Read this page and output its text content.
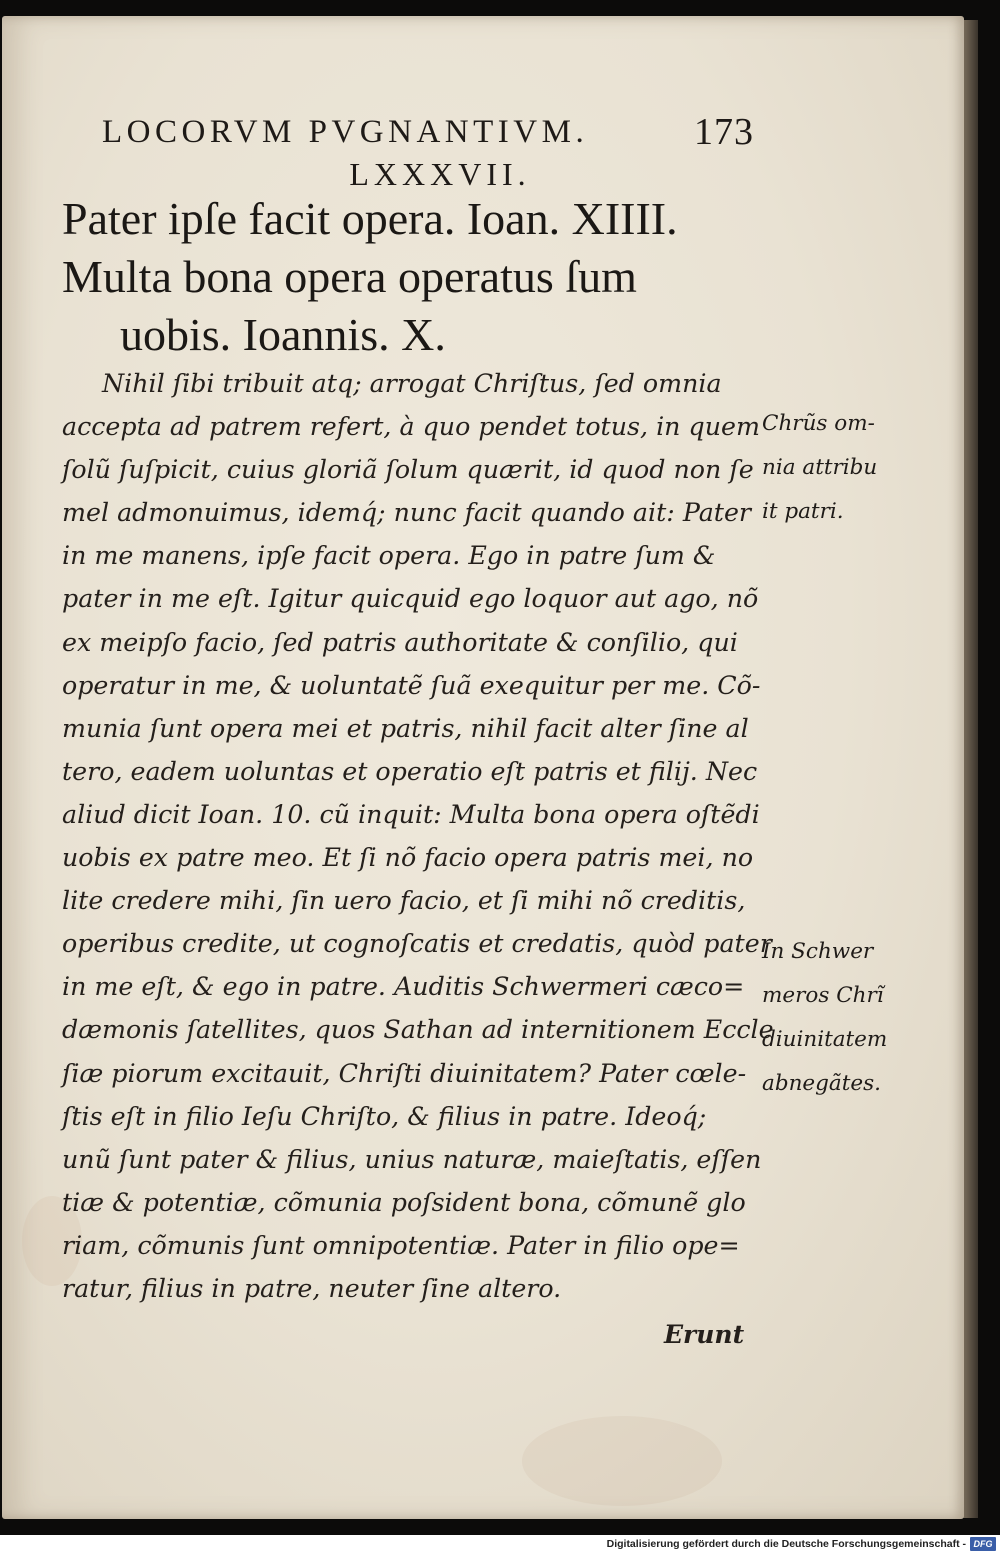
LOCORVM PVGNANTIVM.	173
LXXXVII.
Pater ipſe facit opera. Ioan. XIIII.
Multa bona opera operatus ſum
uobis. Ioannis. X.
Nihil ſibi tribuit atq; arrogat Chriſtus, ſed omnia
accepta ad patrem refert, à quo pendet totus, in quem
ſolũ ſuſpicit, cuius gloriã ſolum quærit, id quod non ſe
mel admonuimus, idemq́; nunc facit quando ait: Pater
in me manens, ipſe facit opera. Ego in patre ſum &
pater in me eſt. Igitur quicquid ego loquor aut ago, nõ
ex meipſo facio, ſed patris authoritate & conſilio, qui
operatur in me, & uoluntatẽ ſuã exequitur per me. Cõ-
munia ſunt opera mei et patris, nihil facit alter ſine al
tero, eadem uoluntas et operatio eſt patris et filij. Nec
aliud dicit Ioan. 10. cũ inquit: Multa bona opera oſtẽdi
uobis ex patre meo. Et ſi nõ facio opera patris mei, no
lite credere mihi, ſin uero facio, et ſi mihi nõ creditis,
operibus credite, ut cognoſcatis et credatis, quòd pater
in me eſt, & ego in patre. Auditis Schwermeri cæco=
dæmonis ſatellites, quos Sathan ad internitionem Eccle
ſiæ piorum excitauit, Chriſti diuinitatem? Pater cœle-
ſtis eſt in filio Ieſu Chriſto, & filius in patre. Ideoq́;
unũ ſunt pater & filius, unius naturæ, maieſtatis, eſſen
tiæ & potentiæ, cõmunia poſsident bona, cõmunẽ glo
riam, cõmunis ſunt omnipotentiæ. Pater in filio ope=
ratur, filius in patre, neuter ſine altero.
Erunt
Chrũs om-
nia attribu
it patri.
In Schwer
meros Chrĩ
diuinitatem
abnegãtes.
Digitalisierung gefördert durch die Deutsche Forschungsgemeinschaft - DFG
